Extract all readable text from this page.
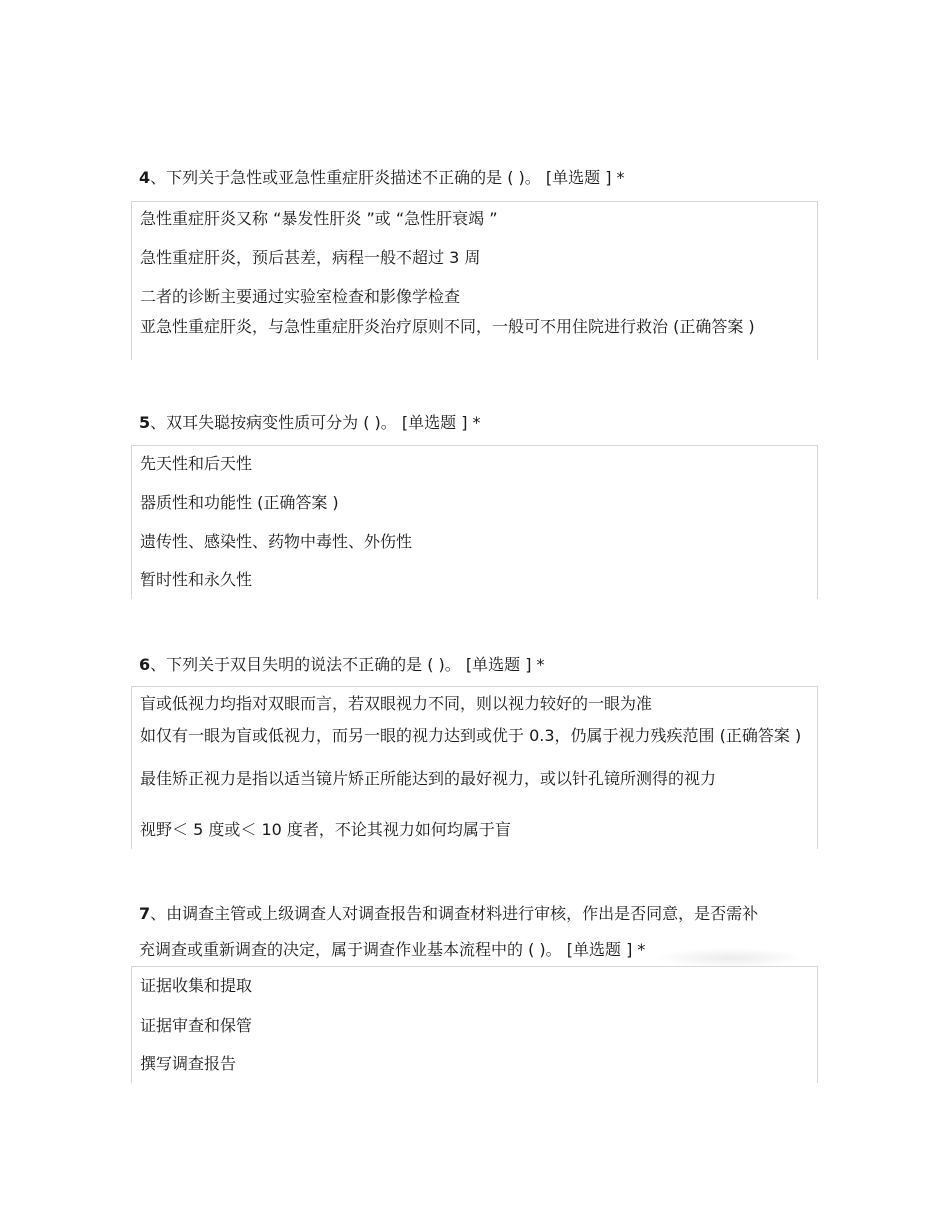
4、下列关于急性或亚急性重症肝炎描述不正确的是 ( )。 [单选题 ] *
急性重症肝炎又称 “暴发性肝炎 ”或 “急性肝衰竭 ”
急性重症肝炎，预后甚差，病程一般不超过 3 周
二者的诊断主要通过实验室检查和影像学检查
亚急性重症肝炎，与急性重症肝炎治疗原则不同，一般可不用住院进行救治 (正确答案 )
5、双耳失聪按病变性质可分为 ( )。 [单选题 ] *
先天性和后天性
器质性和功能性 (正确答案 )
遗传性、感染性、药物中毒性、外伤性
暂时性和永久性
6、下列关于双目失明的说法不正确的是 ( )。 [单选题 ] *
盲或低视力均指对双眼而言，若双眼视力不同，则以视力较好的一眼为准
如仅有一眼为盲或低视力，而另一眼的视力达到或优于 0.3，仍属于视力残疾范围 (正确答案 )
最佳矫正视力是指以适当镜片矫正所能达到的最好视力，或以针孔镜所测得的视力
视野＜ 5 度或＜ 10 度者，不论其视力如何均属于盲
7、由调查主管或上级调查人对调查报告和调查材料进行审核，作出是否同意，是否需补充调查或重新调查的决定，属于调查作业基本流程中的 ( )。 [单选题 ] *
证据收集和提取
证据审查和保管
撰写调查报告
